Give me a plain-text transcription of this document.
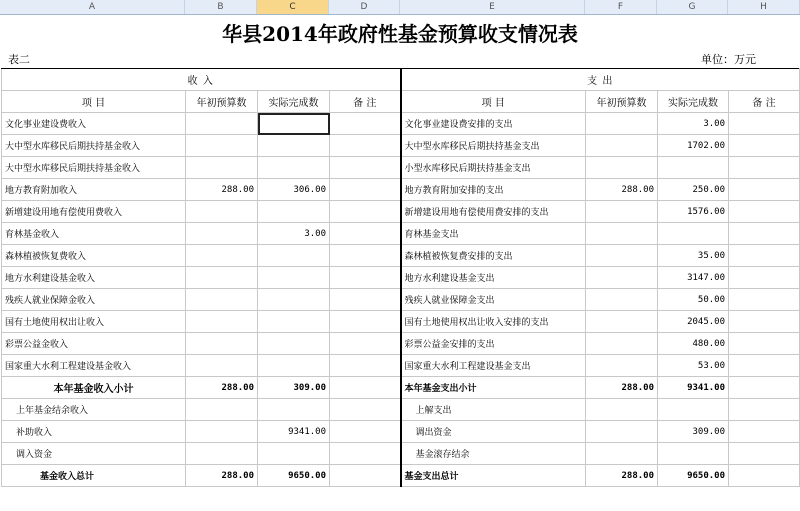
A	B	C	D	E	F	G	H
华县2014年政府性基金预算收支情况表
表二	单位：万元
收 入				支 出			
项 目	年初预算数	实际完成数	备 注	项 目	年初预算数	实际完成数	备 注
文化事业建设费收入				文化事业建设费安排的支出		3.00	
大中型水库移民后期扶持基金收入				大中型水库移民后期扶持基金支出		1702.00	
大中型水库移民后期扶持基金收入				小型水库移民后期扶持基金支出			
地方教育附加收入	288.00	306.00		地方教育附加安排的支出	288.00	250.00	
新增建设用地有偿使用费收入				新增建设用地有偿使用费安排的支出		1576.00	
育林基金收入		3.00		育林基金支出			
森林植被恢复费收入				森林植被恢复费安排的支出		35.00	
地方水利建设基金收入				地方水利建设基金支出		3147.00	
残疾人就业保障金收入				残疾人就业保障金支出		50.00	
国有土地使用权出让收入				国有土地使用权出让收入安排的支出		2045.00	
彩票公益金收入				彩票公益金安排的支出		480.00	
国家重大水利工程建设基金收入				国家重大水利工程建设基金支出		53.00	
本年基金收入小计	288.00	309.00		本年基金支出小计	288.00	9341.00	
上年基金结余收入				上解支出			
补助收入		9341.00		调出资金		309.00	
调入资金				基金滚存结余			
基金收入总计	288.00	9650.00		基金支出总计	288.00	9650.00	
